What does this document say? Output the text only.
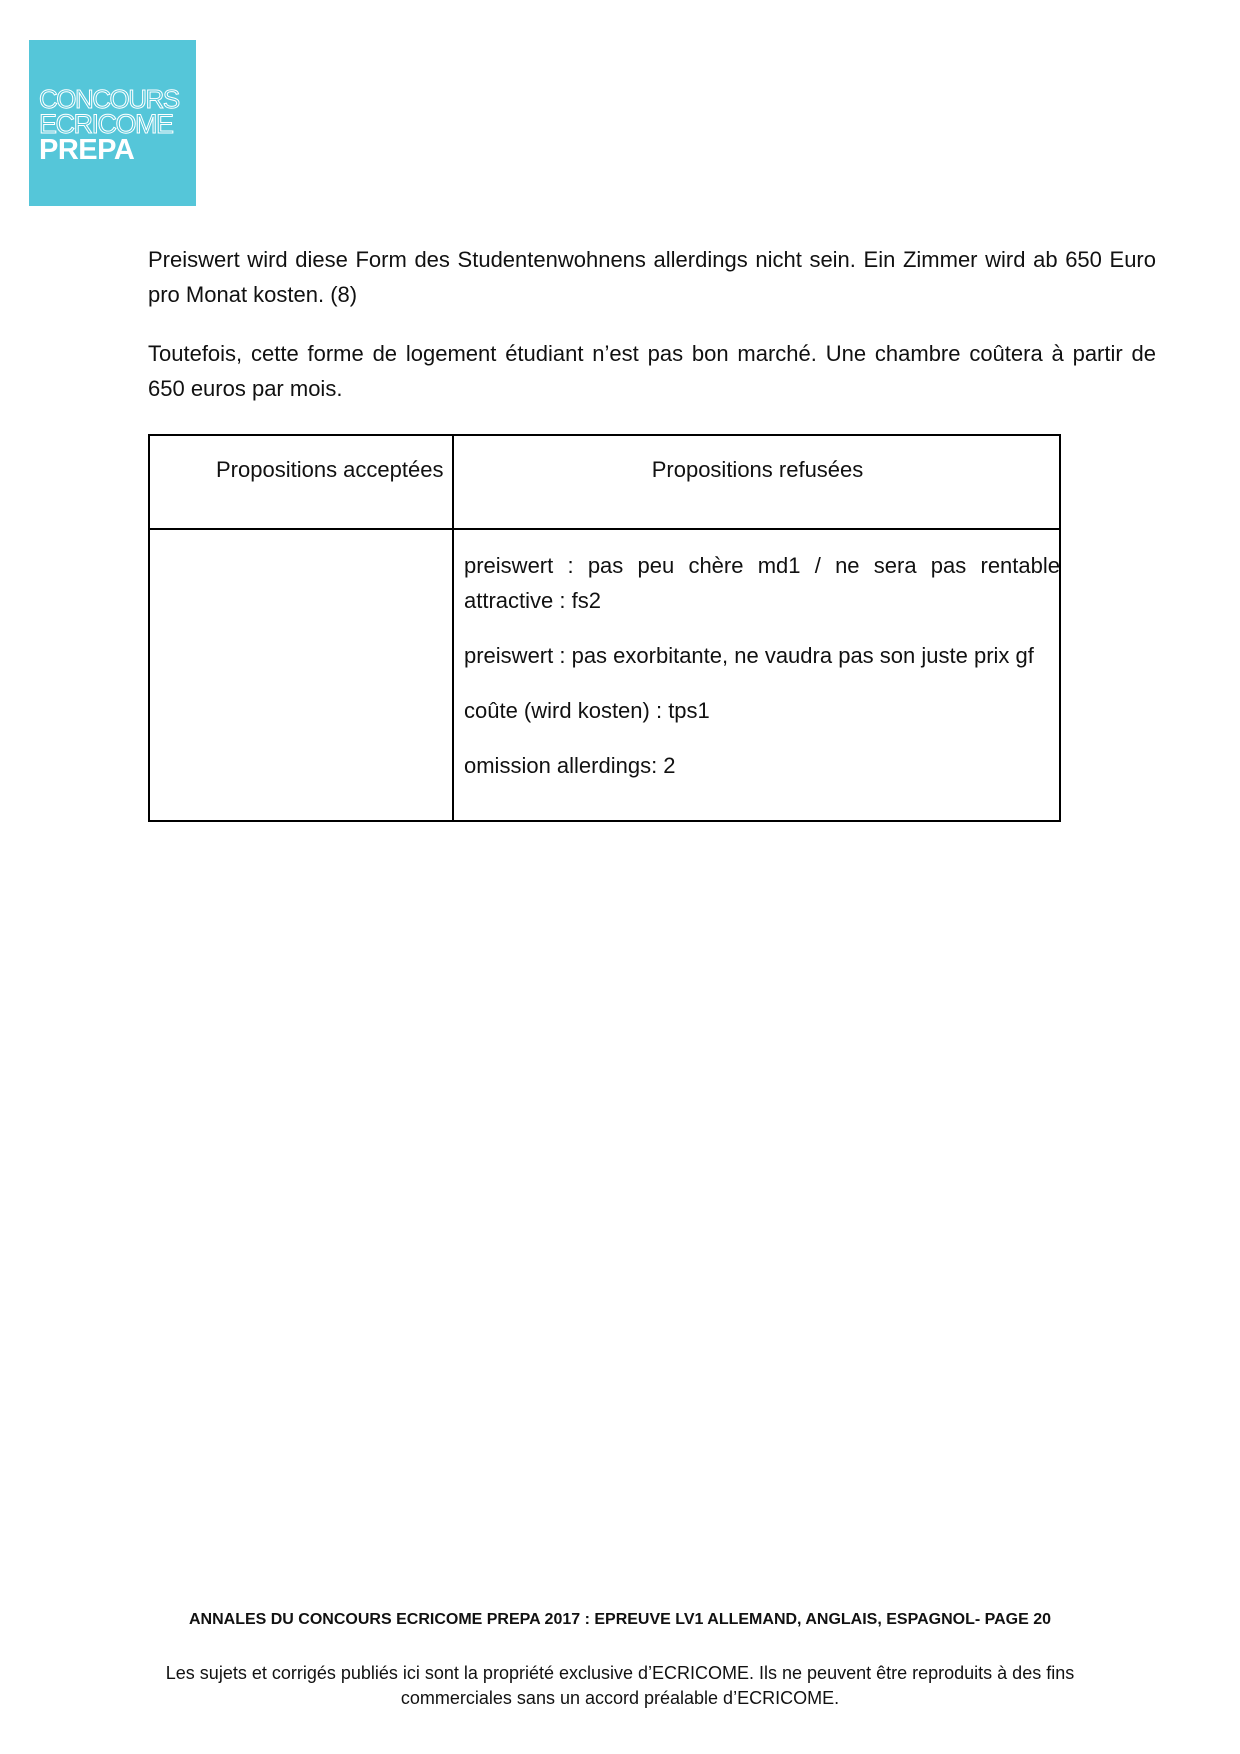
CONCOURS
ECRICOME
PREPA

Preiswert wird diese Form des Studentenwohnens allerdings nicht sein. Ein Zimmer wird ab 650 Euro pro Monat kosten. (8)

Toutefois, cette forme de logement étudiant n’est pas bon marché. Une chambre coûtera à partir de 650 euros par mois.

Propositions acceptées	Propositions refusées

preiswert : pas peu chère md1 / ne sera pas rentable attractive : fs2

preiswert : pas exorbitante, ne vaudra pas son juste prix gf

coûte (wird kosten) : tps1

omission allerdings: 2

ANNALES DU CONCOURS ECRICOME PREPA 2017 : EPREUVE LV1 ALLEMAND, ANGLAIS, ESPAGNOL- PAGE 20
Les sujets et corrigés publiés ici sont la propriété exclusive d’ECRICOME. Ils ne peuvent être reproduits à des fins commerciales sans un accord préalable d’ECRICOME.
